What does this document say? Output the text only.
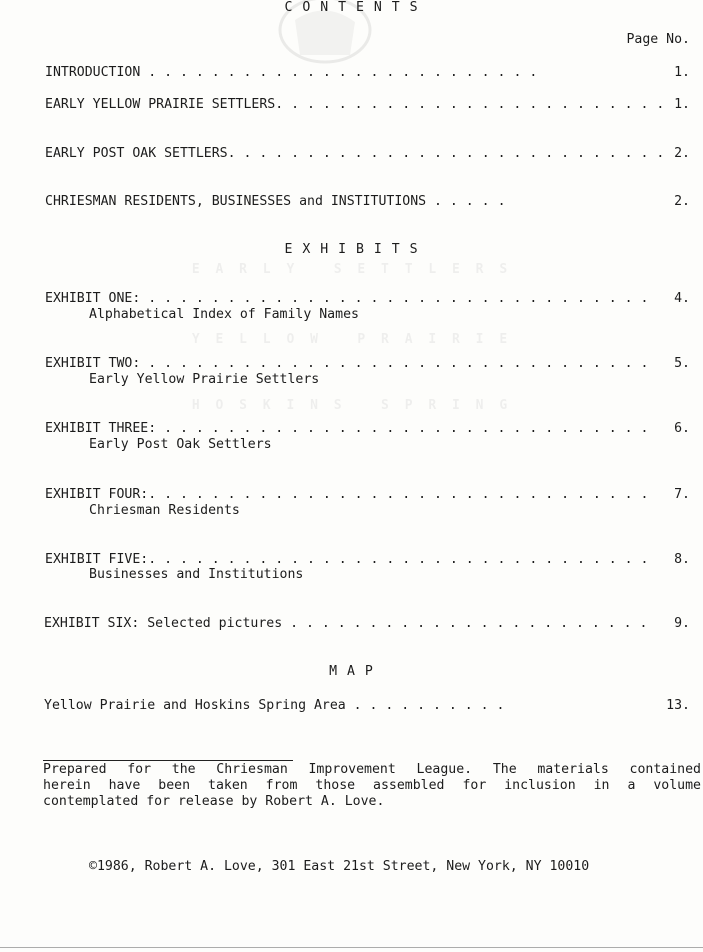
E A R L Y   S E T T L E R S
Y E L L O W   P R A I R I E
H O S K I N S   S P R I N G
C O N T E N T S
Page No.
INTRODUCTION . . . . . . . . . . . . . . . . . . . . . . . . .	1.
EARLY YELLOW PRAIRIE SETTLERS. . . . . . . . . . . . . . . . . . . . . . . . . 1.
EARLY POST OAK SETTLERS. . . . . . . . . . . . . . . . . . . . . . . . . . . . 2.
CHRIESMAN RESIDENTS, BUSINESSES and INSTITUTIONS . . . . .	2.
E X H I B I T S
EXHIBIT ONE: . . . . . . . . . . . . . . . . . . . . . . . . . . . . . . . . 4.
Alphabetical Index of Family Names
EXHIBIT TWO: . . . . . . . . . . . . . . . . . . . . . . . . . . . . . . . . 5.
Early Yellow Prairie Settlers
EXHIBIT THREE: . . . . . . . . . . . . . . . . . . . . . . . . . . . . . . . 6.
Early Post Oak Settlers
EXHIBIT FOUR:. . . . . . . . . . . . . . . . . . . . . . . . . . . . . . . . 7.
Chriesman Residents
EXHIBIT FIVE:. . . . . . . . . . . . . . . . . . . . . . . . . . . . . . . . 8.
Businesses and Institutions
EXHIBIT SIX: Selected pictures . . . . . . . . . . . . . . . . . . . . . . . 9.
M A P
Yellow Prairie and Hoskins Spring Area . . . . . . . . . .	13.
Prepared for the Chriesman Improvement League. The materials contained
herein have been taken from those assembled for inclusion in a volume
contemplated for release by Robert A. Love.
©1986, Robert A. Love, 301 East 21st Street, New York, NY 10010
